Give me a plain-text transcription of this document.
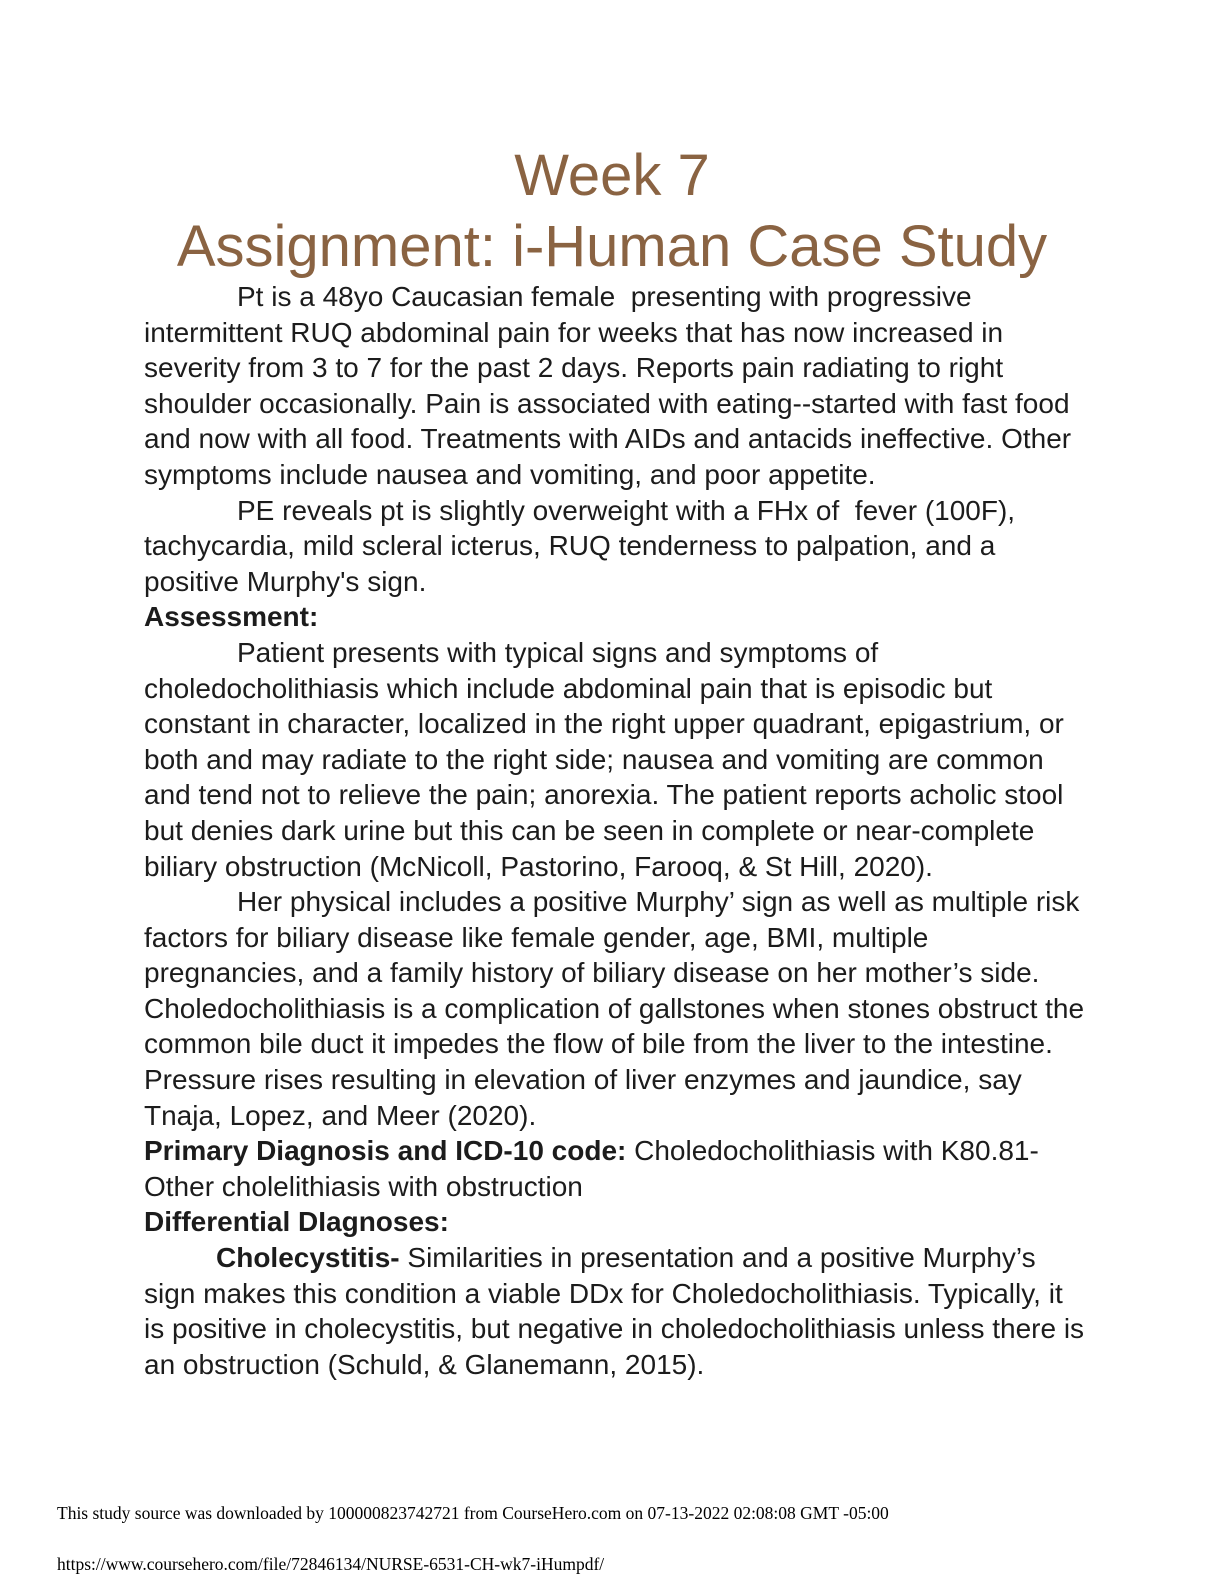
Week 7
Assignment: i-Human Case Study

Pt is a 48yo Caucasian female  presenting with progressive intermittent RUQ abdominal pain for weeks that has now increased in severity from 3 to 7 for the past 2 days. Reports pain radiating to right shoulder occasionally. Pain is associated with eating--started with fast food and now with all food. Treatments with AIDs and antacids ineffective. Other symptoms include nausea and vomiting, and poor appetite.

PE reveals pt is slightly overweight with a FHx of  fever (100F), tachycardia, mild scleral icterus, RUQ tenderness to palpation, and a positive Murphy's sign.

Assessment:

Patient presents with typical signs and symptoms of choledocholithiasis which include abdominal pain that is episodic but constant in character, localized in the right upper quadrant, epigastrium, or both and may radiate to the right side; nausea and vomiting are common and tend not to relieve the pain; anorexia. The patient reports acholic stool but denies dark urine but this can be seen in complete or near-complete biliary obstruction (McNicoll, Pastorino, Farooq, & St Hill, 2020).

Her physical includes a positive Murphy’ sign as well as multiple risk factors for biliary disease like female gender, age, BMI, multiple pregnancies, and a family history of biliary disease on her mother’s side. Choledocholithiasis is a complication of gallstones when stones obstruct the common bile duct it impedes the flow of bile from the liver to the intestine. Pressure rises resulting in elevation of liver enzymes and jaundice, say Tnaja, Lopez, and Meer (2020).

Primary Diagnosis and ICD-10 code: Choledocholithiasis with K80.81- Other cholelithiasis with obstruction

Differential DIagnoses:

Cholecystitis- Similarities in presentation and a positive Murphy’s sign makes this condition a viable DDx for Choledocholithiasis. Typically, it is positive in cholecystitis, but negative in choledocholithiasis unless there is an obstruction (Schuld, & Glanemann, 2015).

This study source was downloaded by 100000823742721 from CourseHero.com on 07-13-2022 02:08:08 GMT -05:00
https://www.coursehero.com/file/72846134/NURSE-6531-CH-wk7-iHumpdf/
